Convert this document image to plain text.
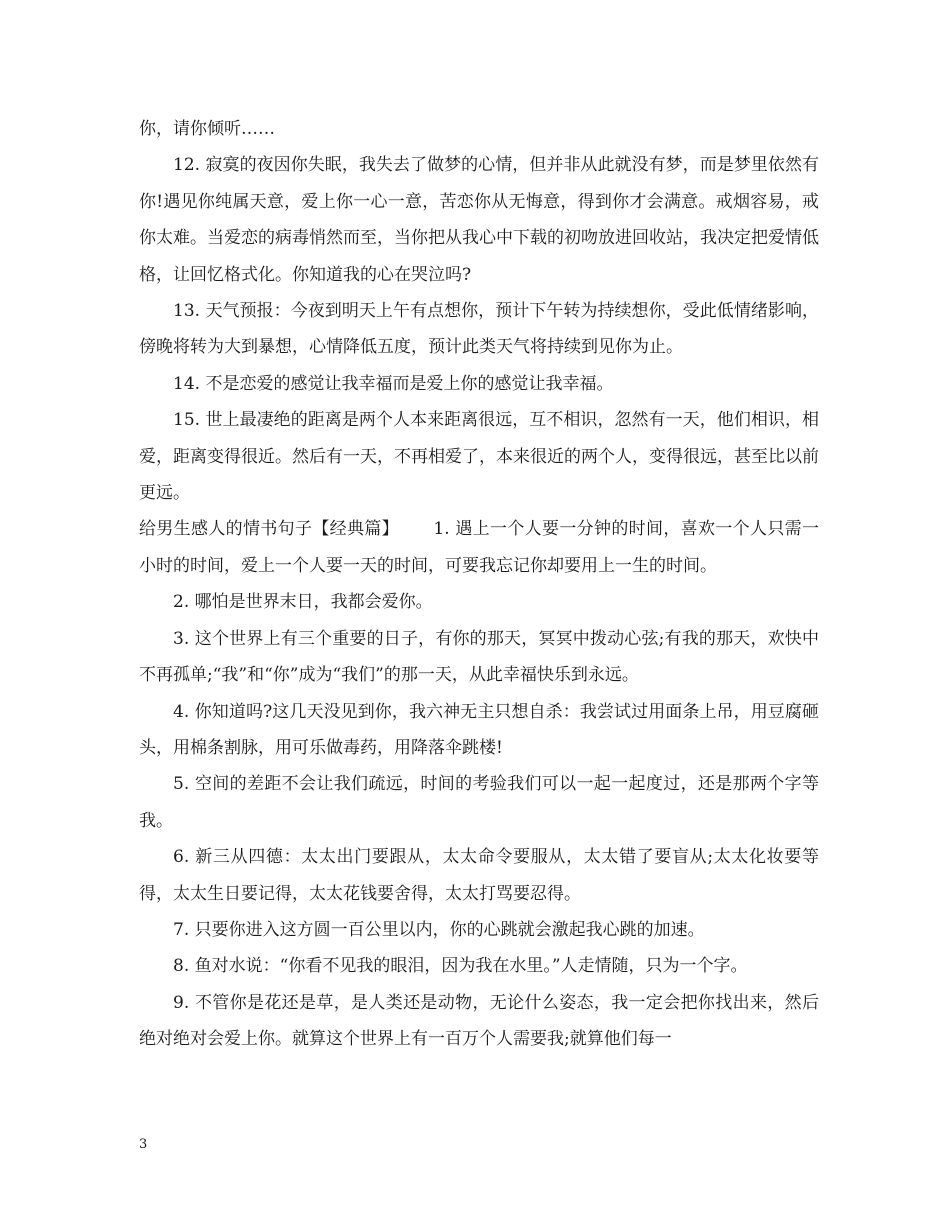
你，请你倾听……

12. 寂寞的夜因你失眠，我失去了做梦的心情，但并非从此就没有梦，而是梦里依然有你!遇见你纯属天意，爱上你一心一意，苦恋你从无悔意，得到你才会满意。戒烟容易，戒你太难。当爱恋的病毒悄然而至，当你把从我心中下载的初吻放进回收站，我决定把爱情低格，让回忆格式化。你知道我的心在哭泣吗?

13. 天气预报：今夜到明天上午有点想你，预计下午转为持续想你，受此低情绪影响，傍晚将转为大到暴想，心情降低五度，预计此类天气将持续到见你为止。

14. 不是恋爱的感觉让我幸福而是爱上你的感觉让我幸福。

15. 世上最凄绝的距离是两个人本来距离很远，互不相识，忽然有一天，他们相识，相爱，距离变得很近。然后有一天，不再相爱了，本来很近的两个人，变得很远，甚至比以前更远。

给男生感人的情书句子【经典篇】      1. 遇上一个人要一分钟的时间，喜欢一个人只需一小时的时间，爱上一个人要一天的时间，可要我忘记你却要用上一生的时间。

2. 哪怕是世界末日，我都会爱你。

3. 这个世界上有三个重要的日子，有你的那天，冥冥中拨动心弦;有我的那天，欢快中不再孤单;“我”和“你”成为“我们”的那一天，从此幸福快乐到永远。

4. 你知道吗?这几天没见到你，我六神无主只想自杀：我尝试过用面条上吊，用豆腐砸头，用棉条割脉，用可乐做毒药，用降落伞跳楼!

5. 空间的差距不会让我们疏远，时间的考验我们可以一起一起度过，还是那两个字等我。

6. 新三从四德：太太出门要跟从，太太命令要服从，太太错了要盲从;太太化妆要等得，太太生日要记得，太太花钱要舍得，太太打骂要忍得。

7. 只要你进入这方圆一百公里以内，你的心跳就会激起我心跳的加速。

8. 鱼对水说：“你看不见我的眼泪，因为我在水里。”人走情随，只为一个字。

9. 不管你是花还是草，是人类还是动物，无论什么姿态，我一定会把你找出来，然后绝对绝对会爱上你。就算这个世界上有一百万个人需要我;就算他们每一

3
